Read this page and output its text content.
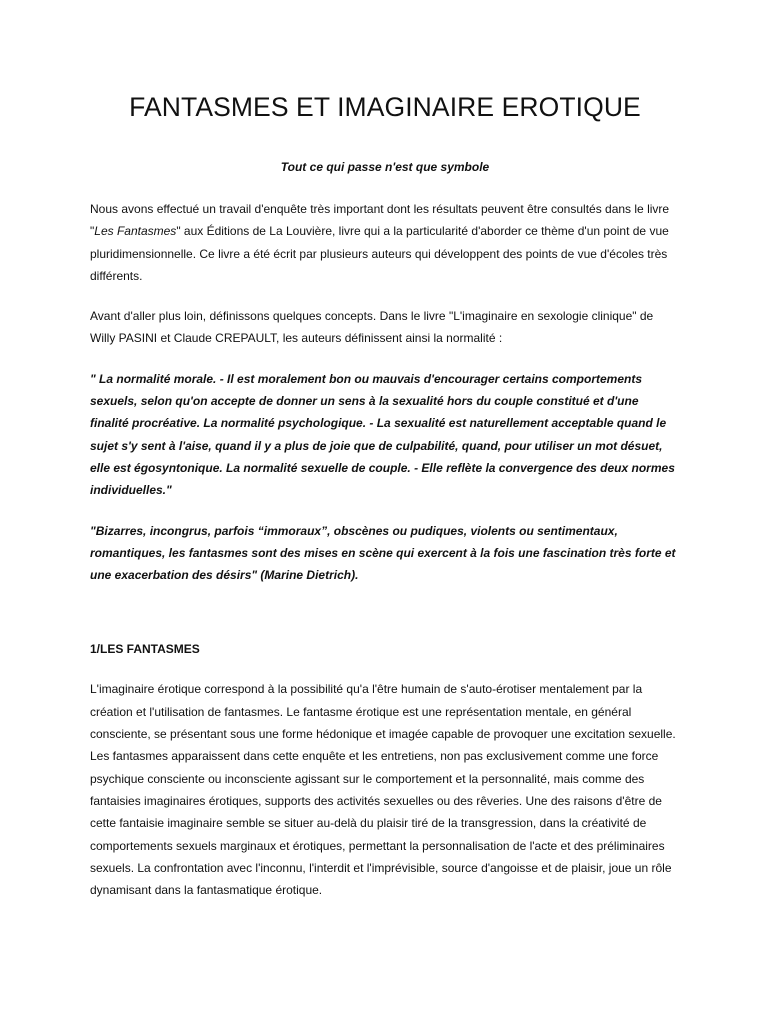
FANTASMES ET IMAGINAIRE EROTIQUE
Tout ce qui passe n'est que symbole

Nous avons effectué un travail d'enquête très important dont les résultats peuvent être consultés dans le livre "Les Fantasmes" aux Éditions de La Louvière, livre qui a la particularité d'aborder ce thème d'un point de vue pluridimensionnelle. Ce livre a été écrit par plusieurs auteurs qui développent des points de vue d'écoles très différents.

Avant d'aller plus loin, définissons quelques concepts. Dans le livre "L'imaginaire en sexologie clinique" de Willy PASINI et Claude CREPAULT, les auteurs définissent ainsi la normalité :

" La normalité morale. - Il est moralement bon ou mauvais d'encourager certains comportements sexuels, selon qu'on accepte de donner un sens à la sexualité hors du couple constitué et d'une finalité procréative. La normalité psychologique. - La sexualité est naturellement acceptable quand le sujet s'y sent à l'aise, quand il y a plus de joie que de culpabilité, quand, pour utiliser un mot désuet, elle est égosyntonique. La normalité sexuelle de couple. - Elle reflète la convergence des deux normes individuelles."

"Bizarres, incongrus, parfois “immoraux”, obscènes ou pudiques, violents ou sentimentaux, romantiques, les fantasmes sont des mises en scène qui exercent à la fois une fascination très forte et une exacerbation des désirs" (Marine Dietrich).

1/LES FANTASMES

L'imaginaire érotique correspond à la possibilité qu'a l'être humain de s'auto-érotiser mentalement par la création et l'utilisation de fantasmes. Le fantasme érotique est une représentation mentale, en général consciente, se présentant sous une forme hédonique et imagée capable de provoquer une excitation sexuelle. Les fantasmes apparaissent dans cette enquête et les entretiens, non pas exclusivement comme une force psychique consciente ou inconsciente agissant sur le comportement et la personnalité, mais comme des fantaisies imaginaires érotiques, supports des activités sexuelles ou des rêveries. Une des raisons d'être de cette fantaisie imaginaire semble se situer au-delà du plaisir tiré de la transgression, dans la créativité de comportements sexuels marginaux et érotiques, permettant la personnalisation de l'acte et des préliminaires sexuels. La confrontation avec l'inconnu, l'interdit et l'imprévisible, source d'angoisse et de plaisir, joue un rôle dynamisant dans la fantasmatique érotique.
